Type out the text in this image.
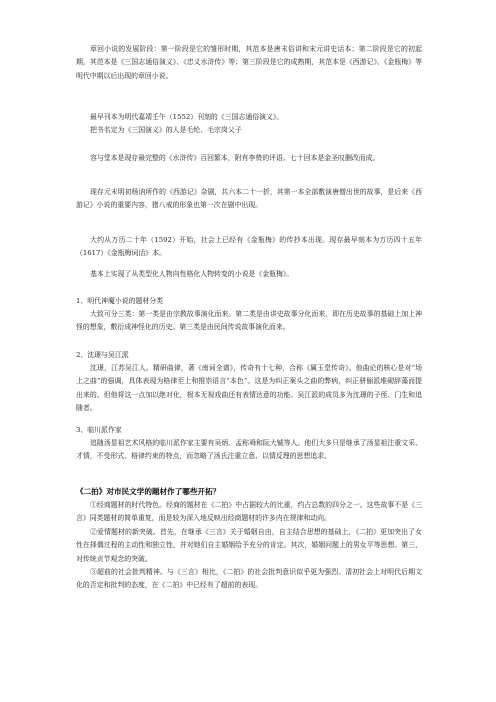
章回小说的发展阶段：第一阶段是它的雏形时期，其范本是唐末俗讲和宋元讲史话本；第二阶段是它的初起期，其范本是《三国志通俗演义》、《忠义水浒传》等；第三阶段是它的成熟期，其范本是《西游记》、《金瓶梅》等明代中期以后出现的章回小说。

最早刊本为明代嘉靖壬午（1552）刊刻的《三国志通俗演义》。

把书名定为《三国演义》的人是毛纶、毛宗岗父子

容与堂本是现存最完整的《水浒传》百回繁本，附有李贽的评语。七十回本是金圣叹删改而成。

现存元末明初杨讷所作的《西游记》杂剧，共六本二十一折，其第一本全部敷演唐僧出世的故事，是后来《西游记》小说的重要内容，猪八戒的形象也第一次在剧中出现。

大约从万历二十年（1592）开始，社会上已经有《金瓶梅》的传抄本出现。现存最早刻本为万历四十五年（1617）《金瓶梅词话》本。

基本上实现了从类型化人物向性格化人物转变的小说是《金瓶梅》。

1、明代神魔小说的题材分类

大致可分三类：第一类是由宗教故事演化而来。第二类是由讲史故事分化而来，即在历史故事的基础上加上神怪的想象，敷衍成神怪化的历史。第三类是由民间传说故事演化而来。

2、沈璟与吴江派

沈璟，江苏吴江人。精研曲律，著《南词全谱》，传奇有十七种，合称《属玉堂传奇》。他曲论的核心是对“场上之曲”的强调，具体表现为格律至上和推崇语言“本色”。这是为纠正案头之曲的弊病，纠正骈俪派堆砌辞藻而提出来的。但他将这一点加以绝对化，根本无视戏曲还有表情达意的功能。吴江派的成员多为沈璟的子侄、门生和追随者。

3、临川派作家

追随汤显祖艺术风格的临川派作家主要有吴炳、孟称舜和阮大铖等人。他们大多只是继承了汤显祖注重文采、才情，不受形式、格律约束的特点，而忽略了汤氏注重立意、以情反理的思想追求。

《二拍》对市民文学的题材作了哪些开拓？

①经商题材的时代特色。经商的题材在《二拍》中占据较大的比重，约占总数的四分之一。这些故事不是《三言》同类题材的简单重复，而是较为深入地反映出经商题材的许多内在规律和动向。

②爱情题材的新突破。首先，在继承《三言》关于婚姻自由，自主结合思想的基础上，《二拍》更加突出了女性在择偶过程的主动性和独立性，并对她们自主婚姻给予充分的肯定。其次，婚姻问题上的男女平等思想。第三，对传统贞节观念的突破。

③超前的社会批判精神。与《三言》相比，《二拍》的社会批判意识似乎更为强烈。清初社会上对明代后期文化的否定和批判的态度，在《二拍》中已经有了超前的表现。
